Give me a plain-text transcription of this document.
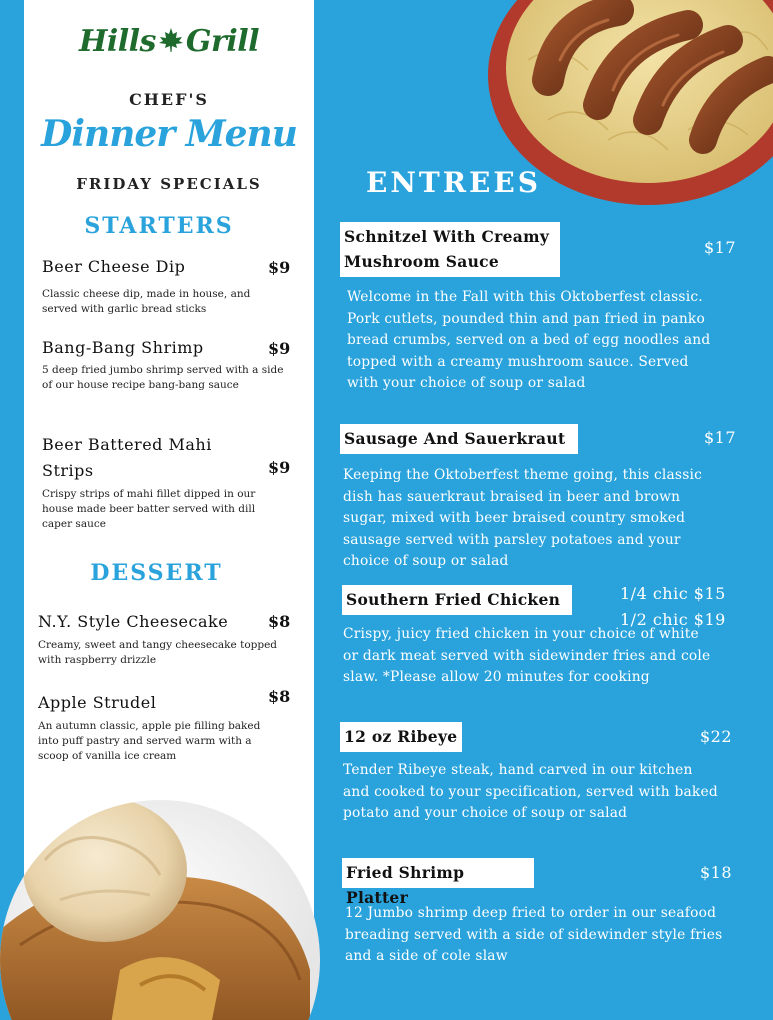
Hills Grill
CHEF'S
Dinner Menu
FRIDAY SPECIALS
STARTERS
Beer Cheese Dip	$9
Classic cheese dip, made in house, and served with garlic bread sticks
Bang-Bang Shrimp	$9
5 deep fried jumbo shrimp served with a side of our house recipe bang-bang sauce
Beer Battered Mahi Strips	$9
Crispy strips of mahi fillet dipped in our house made beer batter served with dill caper sauce
DESSERT
N.Y. Style Cheesecake	$8
Creamy, sweet and tangy cheesecake topped with raspberry drizzle
Apple Strudel	$8
An autumn classic, apple pie filling baked into puff pastry and served warm with a scoop of vanilla ice cream
ENTREES
Schnitzel With Creamy Mushroom Sauce
$17
Welcome in the Fall with this Oktoberfest classic. Pork cutlets, pounded thin and pan fried in panko bread crumbs, served on a bed of egg noodles and topped with a creamy mushroom sauce. Served with your choice of soup or salad
Sausage And Sauerkraut	$17
Keeping the Oktoberfest theme going, this classic dish has sauerkraut braised in beer and brown sugar, mixed with beer braised country smoked sausage served with parsley potatoes and your choice of soup or salad
Southern Fried Chicken	1/4 chic $15
1/2 chic $19
Crispy, juicy fried chicken in your choice of white or dark meat served with sidewinder fries and cole slaw. *Please allow 20 minutes for cooking
12 oz Ribeye	$22
Tender Ribeye steak, hand carved in our kitchen and cooked to your specification, served with baked potato and your choice of soup or salad
Fried Shrimp Platter
$18
12 Jumbo shrimp deep fried to order in our seafood breading served with a side of sidewinder style fries and a side of cole slaw
